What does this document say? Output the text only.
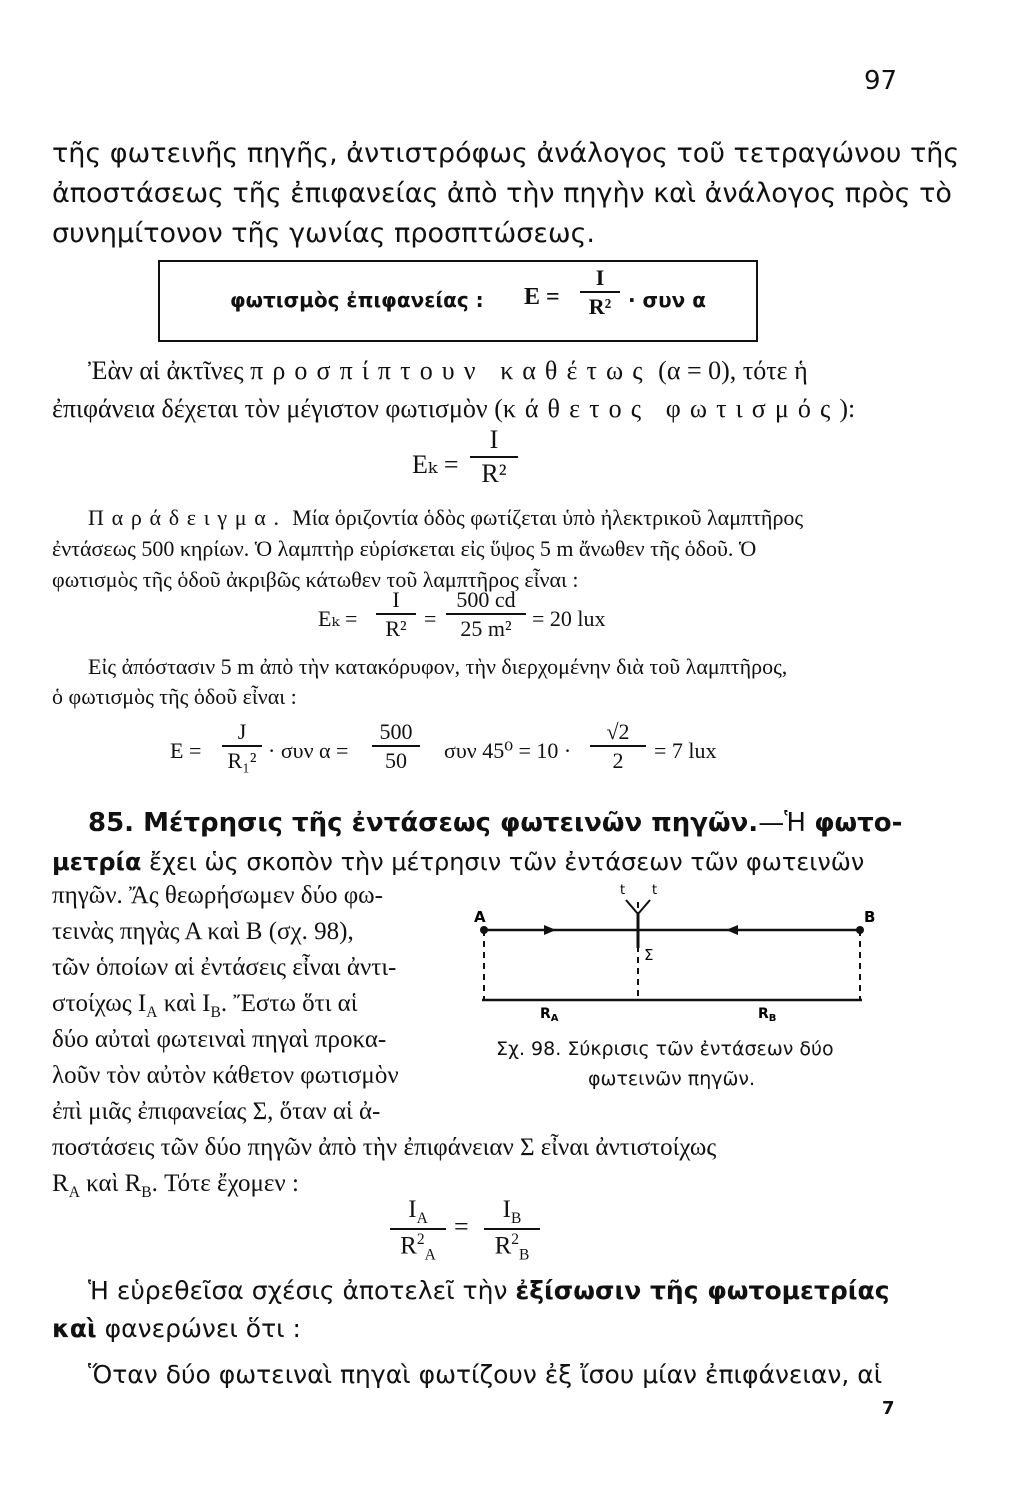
97
τῆς φωτεινῆς πηγῆς, ἀντιστρόφως ἀνάλογος τοῦ τετραγώνου τῆς
ἀποστάσεως τῆς ἐπιφανείας ἀπὸ τὴν πηγὴν καὶ ἀνάλογος πρὸς τὸ
συνημίτονον τῆς γωνίας προσπτώσεως.
φωτισμὸς ἐπιφανείας : $E = \frac{I}{\text{R²}} \cdot \sigma\upsilon\nu$ α
Ἐὰν αἱ ἀκτῖνες προσπίπτουν καθέτως (α = 0), τότε ἡ
ἐπιφάνεια δέχεται τὸν μέγιστον φωτισμὸν (κάθετος φωτισμός):
$E_k = \frac{I}{\text{R²}}$
Παράδειγμα. Μία ὁριζοντία ὁδὸς φωτίζεται ὑπὸ ἠλεκτρικοῦ λαμπτῆρος
ἐντάσεως 500 κηρίων. Ὁ λαμπτὴρ εὑρίσκεται εἰς ὕψος 5 m ἄνωθεν τῆς ὁδοῦ. Ὁ
φωτισμὸς τῆς ὁδοῦ ἀκριβῶς κάτωθεν τοῦ λαμπτῆρος εἶναι :
$E_k = \frac{I}{\text{R²}} = \frac{500 cd}{\text{25 m²}} = 20$ lux
Εἰς ἀπόστασιν 5 m ἀπὸ τὴν κατακόρυφον, τὴν διερχομένην διὰ τοῦ λαμπτῆρος,
ὁ φωτισμὸς τῆς ὁδοῦ εἶναι :
$E = \frac{J}{\text{R₁²}} \cdot \sigma\upsilon\nu$ $\alpha = \frac{500}{50}$ συν $45^0 = 10 \cdot \frac{√2}{2} = 7$ lux
85. Μέτρησις τῆς ἐντάσεως φωτεινῶν πηγῶν.—Ἡ φωτο-
μετρία ἔχει ὡς σκοπὸν τὴν μέτρησιν τῶν ἐντάσεων τῶν φωτεινῶν
πηγῶν. Ἄς θεωρήσωμεν δύο φω-
τεινὰς πηγὰς Α καὶ Β (σχ. 98),
τῶν ὁποίων αἱ ἐντάσεις εἶναι ἀντι-
στοίχως $I_A$ καὶ $I_B$. Ἔστω ὅτι αἱ
δύο αὐταὶ φωτειναὶ πηγαὶ προκα-
λοῦν τὸν αὐτὸν κάθετον φωτισμὸν
ἐπὶ μιᾶς ἐπιφανείας Σ, ὅταν αἱ ἀ-
ποστάσεις τῶν δύο πηγῶν ἀπὸ τὴν ἐπιφάνειαν Σ εἶναι ἀντιστοίχως
$R_A$ καὶ $R_B$. Τότε ἔχομεν :
A	B
Σ
t t
$R_A$	$R_B$
Σχ. 98. Σύκρισις τῶν ἐντάσεων δύο
φωτεινῶν πηγῶν.
$\frac{I_A}{R^2_A} = \frac{I_B}{R^2_B}$
Ἡ εὑρεθεῖσα σχέσις ἀποτελεῖ τὴν ἐξίσωσιν τῆς φωτομετρίας
καὶ φανερώνει ὅτι :
Ὅταν δύο φωτειναὶ πηγαὶ φωτίζουν ἐξ ἴσου μίαν ἐπιφάνειαν, αἱ
7
